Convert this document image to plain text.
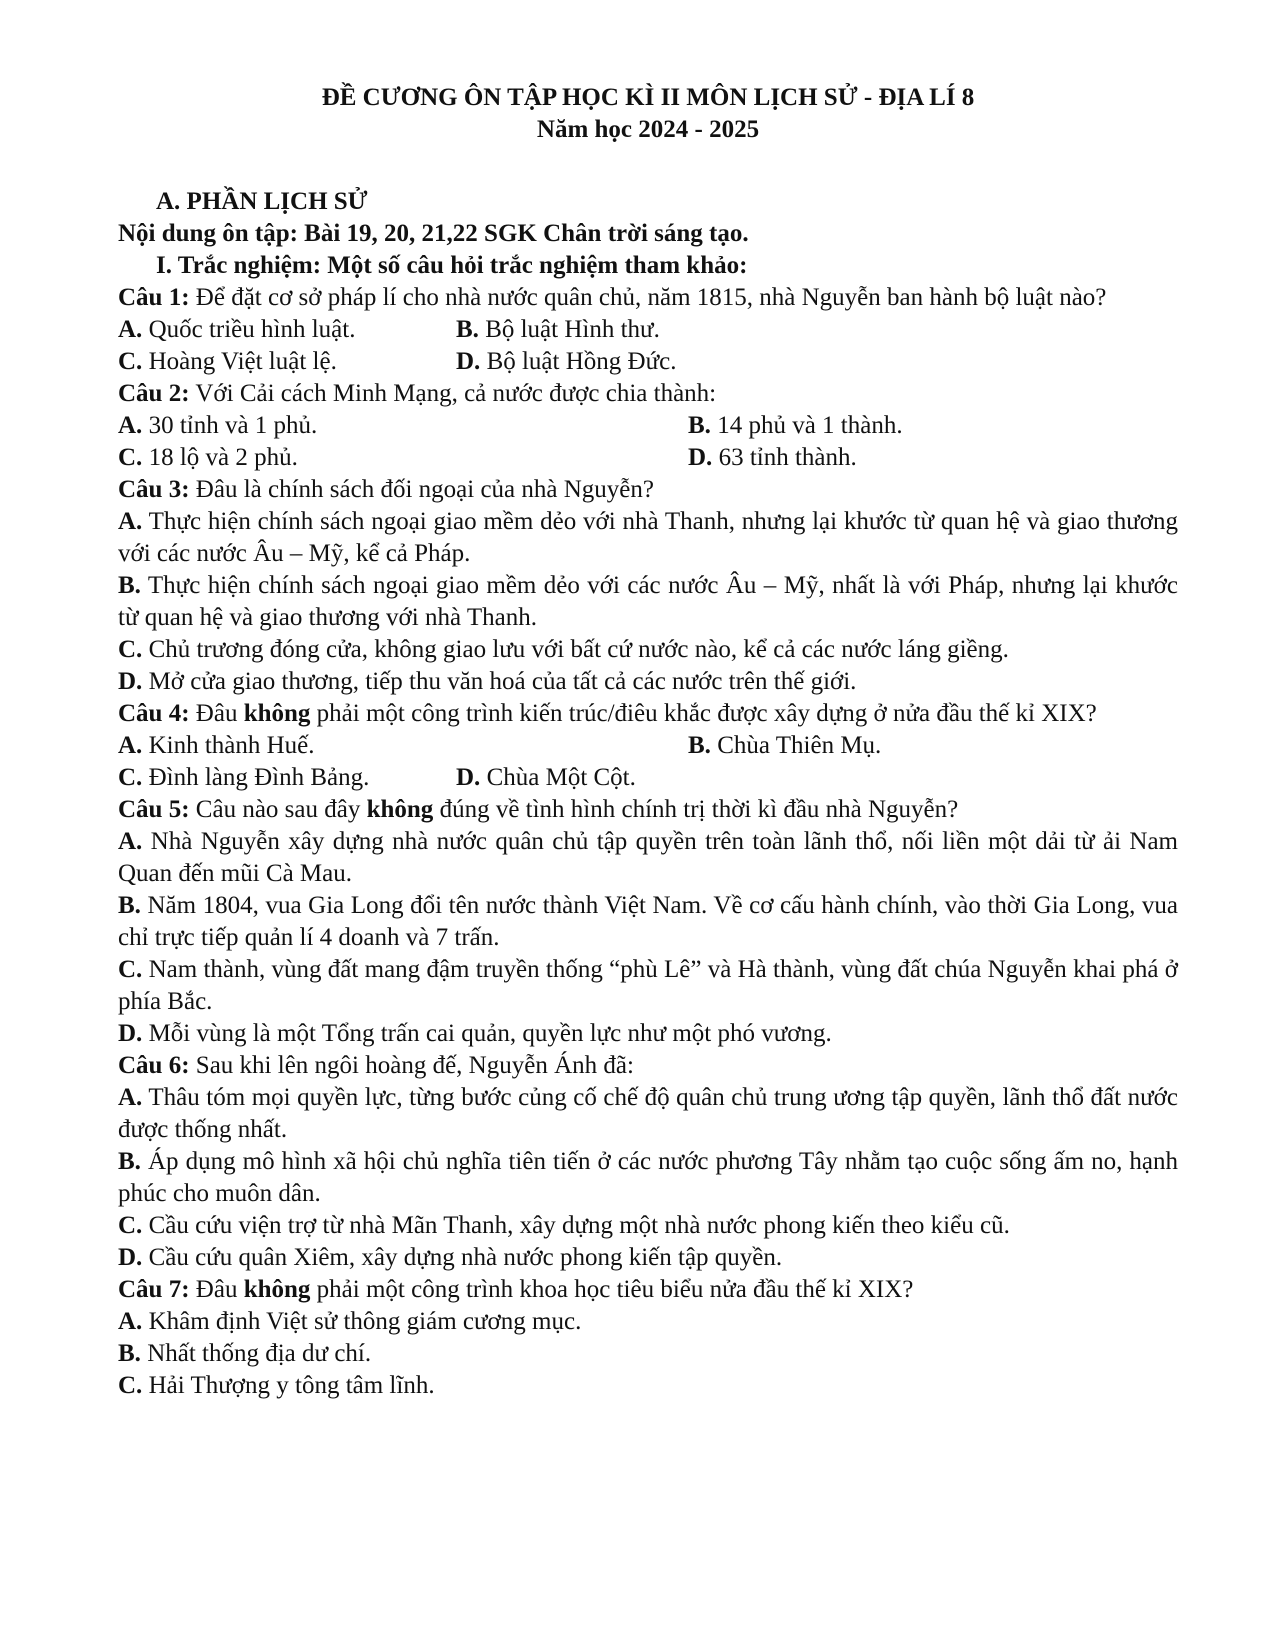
ĐỀ CƯƠNG ÔN TẬP HỌC KÌ II MÔN LỊCH SỬ - ĐỊA LÍ 8

Năm học 2024 - 2025

A. PHẦN LỊCH SỬ
Nội dung ôn tập: Bài 19, 20, 21,22 SGK Chân trời sáng tạo.
I. Trắc nghiệm: Một số câu hỏi trắc nghiệm tham khảo:

Câu 1: Để đặt cơ sở pháp lí cho nhà nước quân chủ, năm 1815, nhà Nguyễn ban hành bộ luật nào?

A. Quốc triều hình luật.	B. Bộ luật Hình thư.
C. Hoàng Việt luật lệ.	D. Bộ luật Hồng Đức.

Câu 2: Với Cải cách Minh Mạng, cả nước được chia thành:

A. 30 tỉnh và 1 phủ.	B. 14 phủ và 1 thành.
C. 18 lộ và 2 phủ.	D. 63 tỉnh thành.

Câu 3: Đâu là chính sách đối ngoại của nhà Nguyễn?

A. Thực hiện chính sách ngoại giao mềm dẻo với nhà Thanh, nhưng lại khước từ quan hệ và giao thương với các nước Âu – Mỹ, kể cả Pháp.

B. Thực hiện chính sách ngoại giao mềm dẻo với các nước Âu – Mỹ, nhất là với Pháp, nhưng lại khước từ quan hệ và giao thương với nhà Thanh.

C. Chủ trương đóng cửa, không giao lưu với bất cứ nước nào, kể cả các nước láng giềng.

D. Mở cửa giao thương, tiếp thu văn hoá của tất cả các nước trên thế giới.

Câu 4: Đâu không phải một công trình kiến trúc/điêu khắc được xây dựng ở nửa đầu thế kỉ XIX?

A. Kinh thành Huế.	B. Chùa Thiên Mụ.
C. Đình làng Đình Bảng.	D. Chùa Một Cột.

Câu 5: Câu nào sau đây không đúng về tình hình chính trị thời kì đầu nhà Nguyễn?

A. Nhà Nguyễn xây dựng nhà nước quân chủ tập quyền trên toàn lãnh thổ, nối liền một dải từ ải Nam Quan đến mũi Cà Mau.

B. Năm 1804, vua Gia Long đổi tên nước thành Việt Nam. Về cơ cấu hành chính, vào thời Gia Long, vua chỉ trực tiếp quản lí 4 doanh và 7 trấn.

C. Nam thành, vùng đất mang đậm truyền thống “phù Lê” và Hà thành, vùng đất chúa Nguyễn khai phá ở phía Bắc.

D. Mỗi vùng là một Tổng trấn cai quản, quyền lực như một phó vương.

Câu 6: Sau khi lên ngôi hoàng đế, Nguyễn Ánh đã:

A. Thâu tóm mọi quyền lực, từng bước củng cố chế độ quân chủ trung ương tập quyền, lãnh thổ đất nước được thống nhất.

B. Áp dụng mô hình xã hội chủ nghĩa tiên tiến ở các nước phương Tây nhằm tạo cuộc sống ấm no, hạnh phúc cho muôn dân.

C. Cầu cứu viện trợ từ nhà Mãn Thanh, xây dựng một nhà nước phong kiến theo kiểu cũ.

D. Cầu cứu quân Xiêm, xây dựng nhà nước phong kiến tập quyền.

Câu 7: Đâu không phải một công trình khoa học tiêu biểu nửa đầu thế kỉ XIX?

A. Khâm định Việt sử thông giám cương mục.

B. Nhất thống địa dư chí.

C. Hải Thượng y tông tâm lĩnh.
